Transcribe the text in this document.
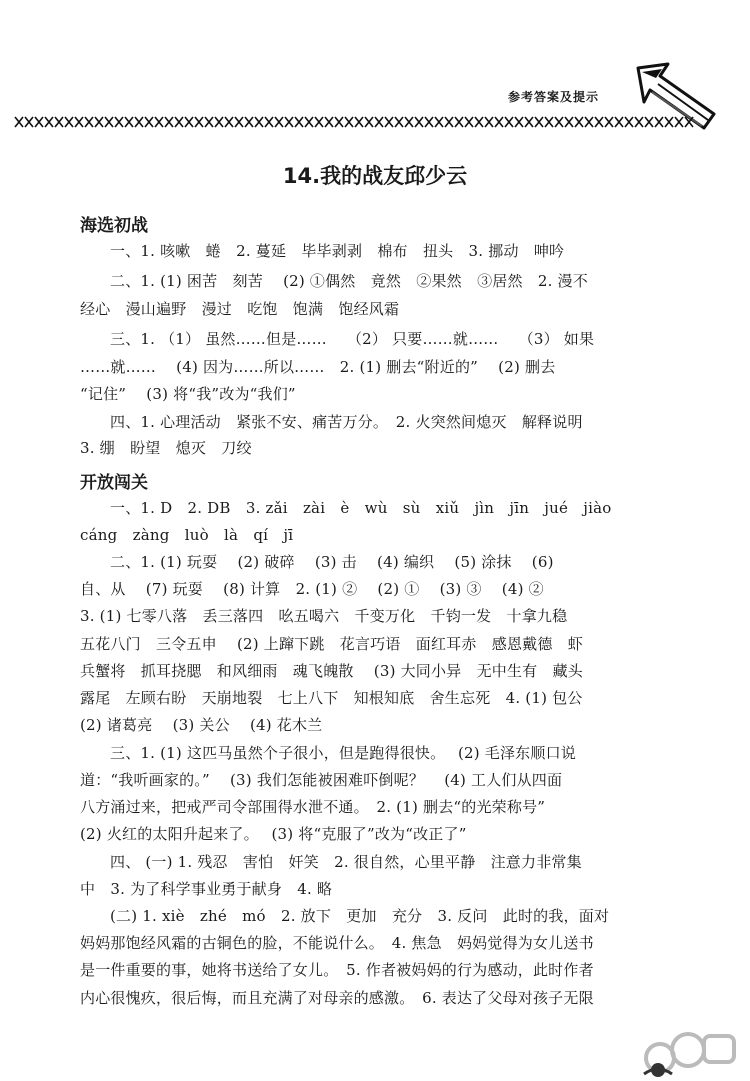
参考答案及提示
14.我的战友邱少云
海选初战
一、1. 咳嗽　蜷　2. 蔓延　毕毕剥剥　棉布　扭头　3. 挪动　呻吟
二、1. (1) 困苦　刻苦　 (2) ①偶然　竟然　②果然　③居然　2. 漫不
经心　漫山遍野　漫过　吃饱　饱满　饱经风霜
三、1. （1） 虽然……但是……　 （2） 只要……就……　 （3） 如果
……就……　 (4) 因为……所以……　2. (1) 删去“附近的”　 (2) 删去
“记住”　 (3) 将“我”改为“我们”
四、1. 心理活动　紧张不安、痛苦万分。　2. 火突然间熄灭　解释说明
3. 绷　盼望　熄灭　刀绞
开放闯关
一、1. D　2. DB　3. zǎi　zài　è　wù　sù　xiǔ　jìn　jīn　jué　jiào
cáng　zàng　luò　là　qí　jī
二、1. (1) 玩耍　 (2) 破碎　 (3) 击　 (4) 编织　 (5) 涂抹　 (6)
自、从　 (7) 玩耍　 (8) 计算　2. (1) ②　 (2) ①　 (3) ③　 (4) ②
3. (1) 七零八落　丢三落四　吆五喝六　千变万化　千钧一发　十拿九稳
五花八门　三令五申　 (2) 上蹿下跳　花言巧语　面红耳赤　感恩戴德　虾
兵蟹将　抓耳挠腮　和风细雨　魂飞魄散　 (3) 大同小异　无中生有　藏头
露尾　左顾右盼　天崩地裂　七上八下　知根知底　舍生忘死　4. (1) 包公
(2) 诸葛亮　 (3) 关公　 (4) 花木兰
三、1. (1) 这匹马虽然个子很小，但是跑得很快。　 (2) 毛泽东顺口说
道：“我听画家的。”　 (3) 我们怎能被困难吓倒呢？　 (4) 工人们从四面
八方涌过来，把戒严司令部围得水泄不通。　2. (1) 删去“的光荣称号”
(2) 火红的太阳升起来了。　 (3) 将“克服了”改为“改正了”
四、 (一) 1. 残忍　害怕　奸笑　2. 很自然，心里平静　注意力非常集
中　3. 为了科学事业勇于献身　4. 略
(二) 1. xiè　zhé　mó　2. 放下　更加　充分　3. 反问　此时的我，面对
妈妈那饱经风霜的古铜色的脸，不能说什么。　4. 焦急　妈妈觉得为女儿送书
是一件重要的事，她将书送给了女儿。　5. 作者被妈妈的行为感动，此时作者
内心很愧疚，很后悔，而且充满了对母亲的感激。　6. 表达了父母对孩子无限
